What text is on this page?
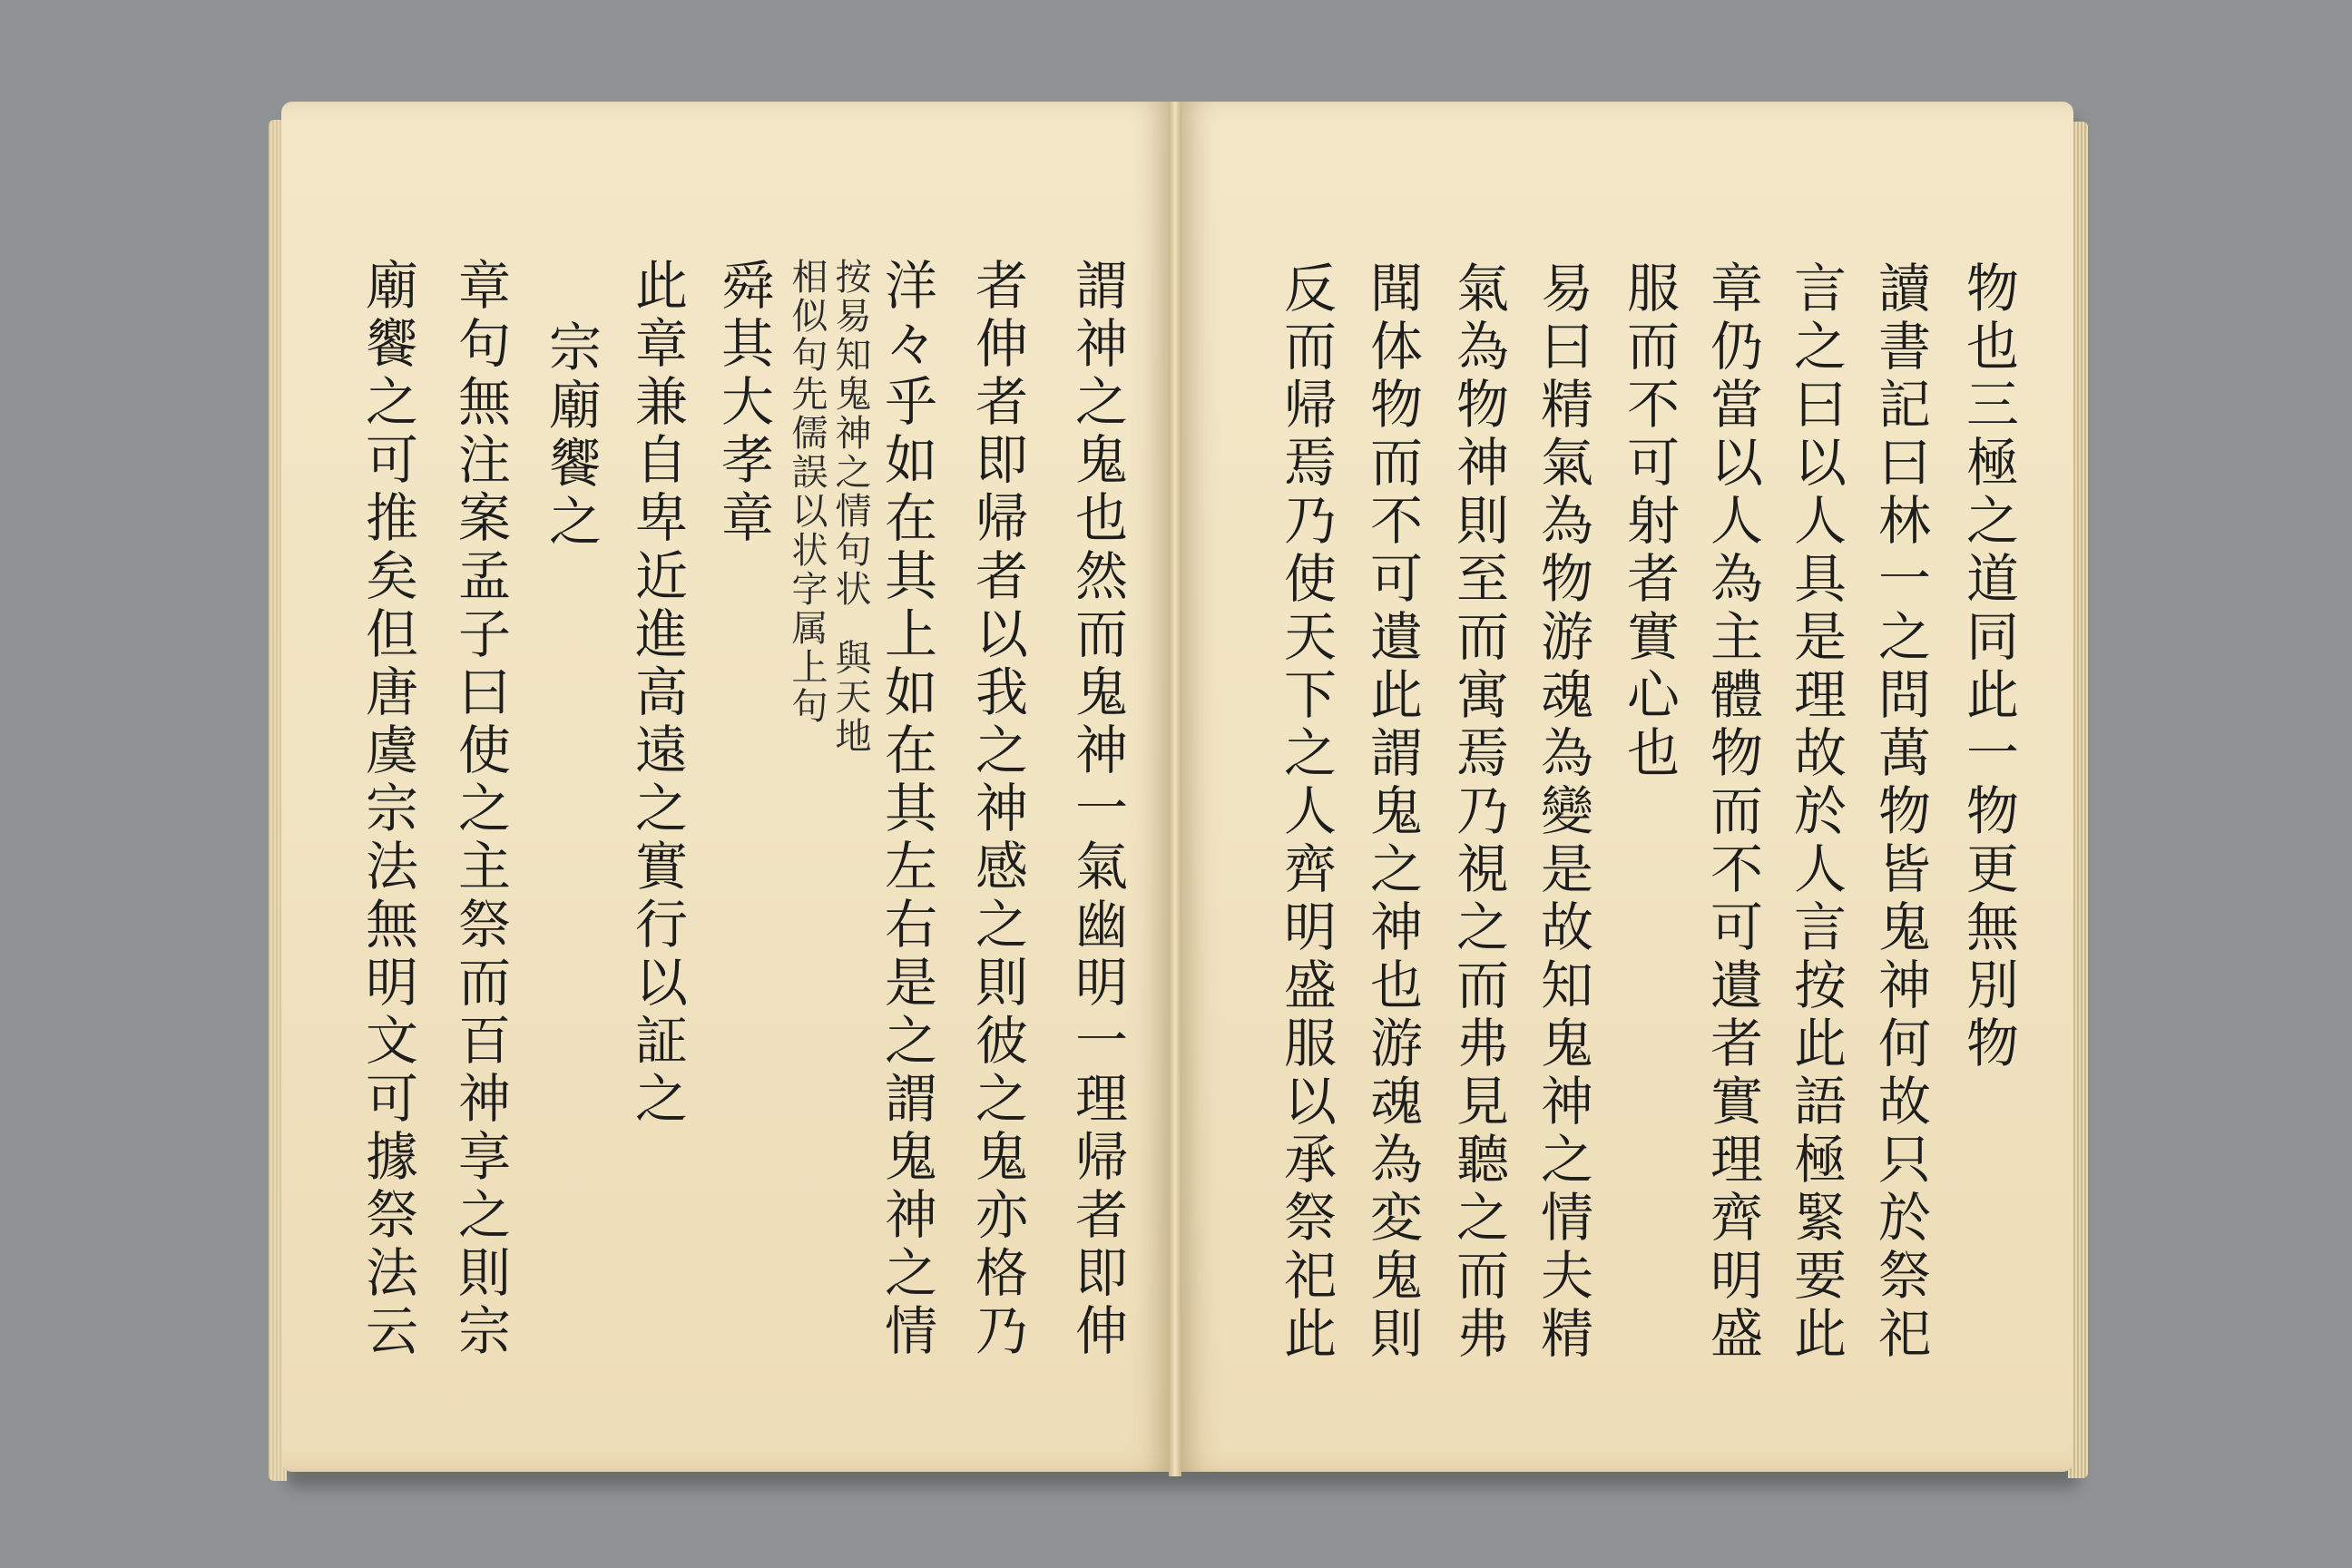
謂神之鬼也然而鬼神一氣幽明一理帰者即伸
者伸者即帰者以我之神感之則彼之鬼亦格乃
洋々乎如在其上如在其左右是之謂鬼神之情
按易知鬼神之情句状
與天地
相似句先儒誤以状字属上句
舜其大孝章
此章兼自卑近進高遠之實行以証之
宗廟饗之
章句無注案孟子曰使之主祭而百神享之則宗
廟饗之可推矣但唐虞宗法無明文可據祭法云	物也三極之道同此一物更無別物
讀書記曰林一之問萬物皆鬼神何故只於祭祀
言之曰以人具是理故於人言按此語極緊要此
章仍當以人為主體物而不可遺者實理齊明盛
服而不可射者實心也
易曰精氣為物游魂為變是故知鬼神之情夫精
氣為物神則至而寓焉乃視之而弗見聽之而弗
聞体物而不可遺此謂鬼之神也游魂為変鬼則
反而帰焉乃使天下之人齊明盛服以承祭祀此
